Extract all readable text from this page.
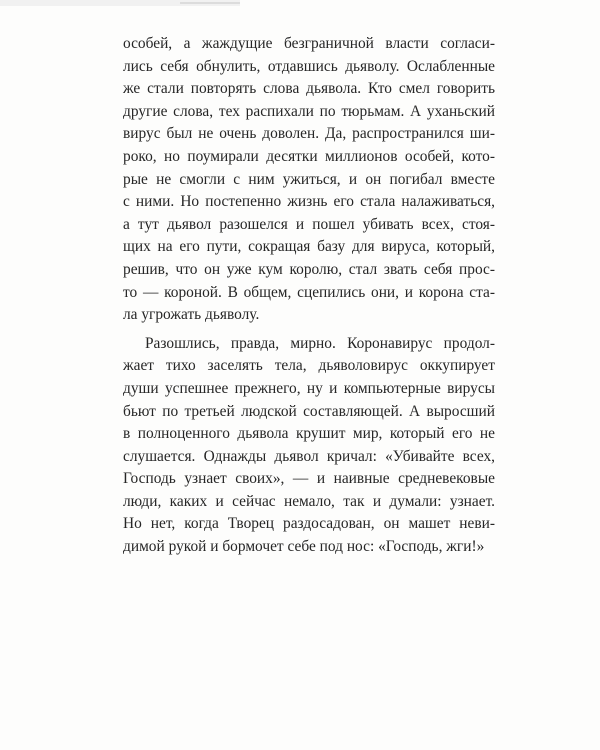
особей, а жаждущие безграничной власти согласи-
лись себя обнулить, отдавшись дьяволу. Ослабленные
же стали повторять слова дьявола. Кто смел говорить
другие слова, тех распихали по тюрьмам. А уханьский
вирус был не очень доволен. Да, распространился ши-
роко, но поумирали десятки миллионов особей, кото-
рые не смогли с ним ужиться, и он погибал вместе
с ними. Но постепенно жизнь его стала налаживаться,
а тут дьявол разошелся и пошел убивать всех, стоя-
щих на его пути, сокращая базу для вируса, который,
решив, что он уже кум королю, стал звать себя прос-
то — короной. В общем, сцепились они, и корона ста-
ла угрожать дьяволу.
Разошлись, правда, мирно. Коронавирус продол-
жает тихо заселять тела, дьяволовирус оккупирует
души успешнее прежнего, ну и компьютерные вирусы
бьют по третьей людской составляющей. А выросший
в полноценного дьявола крушит мир, который его не
слушается. Однажды дьявол кричал: «Убивайте всех,
Господь узнает своих», — и наивные средневековые
люди, каких и сейчас немало, так и думали: узнает.
Но нет, когда Творец раздосадован, он машет неви-
димой рукой и бормочет себе под нос: «Господь, жги!»
